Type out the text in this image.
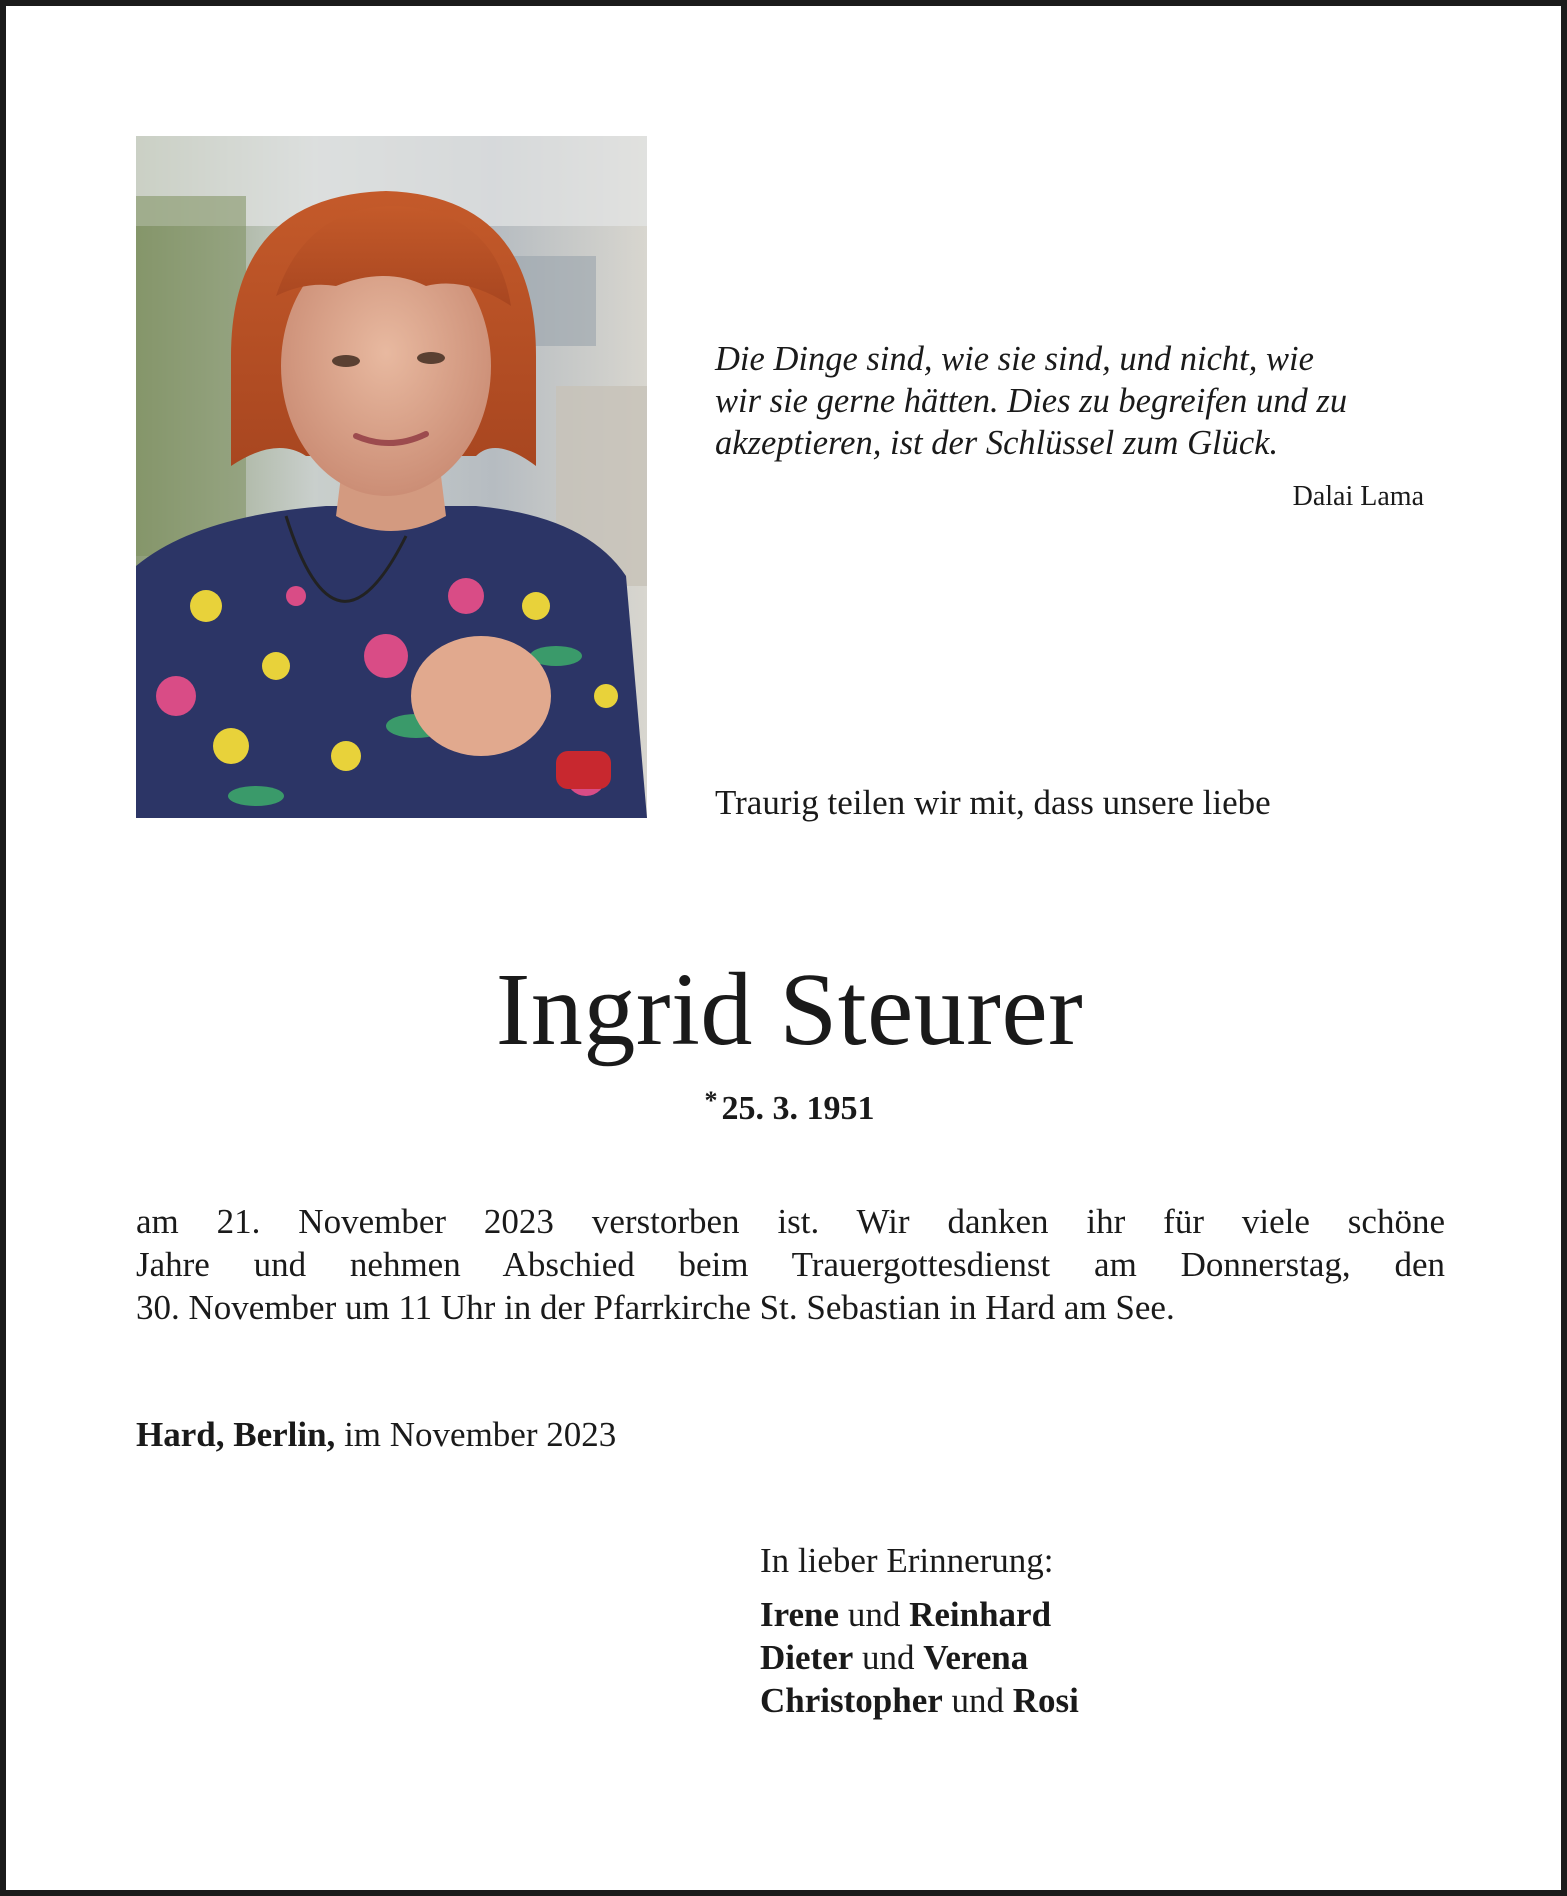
Die Dinge sind, wie sie sind, und nicht, wie
wir sie gerne hätten. Dies zu begreifen und zu
akzeptieren, ist der Schlüssel zum Glück.
Dalai Lama
Traurig teilen wir mit, dass unsere liebe
Ingrid Steurer
* 25. 3. 1951
am 21. November 2023 verstorben ist. Wir danken ihr für viele schöne
Jahre und nehmen Abschied beim Trauergottesdienst am Donnerstag, den
30. November um 11 Uhr in der Pfarrkirche St. Sebastian in Hard am See.
Hard, Berlin, im November 2023
In lieber Erinnerung:
Irene und Reinhard
Dieter und Verena
Christopher und Rosi
